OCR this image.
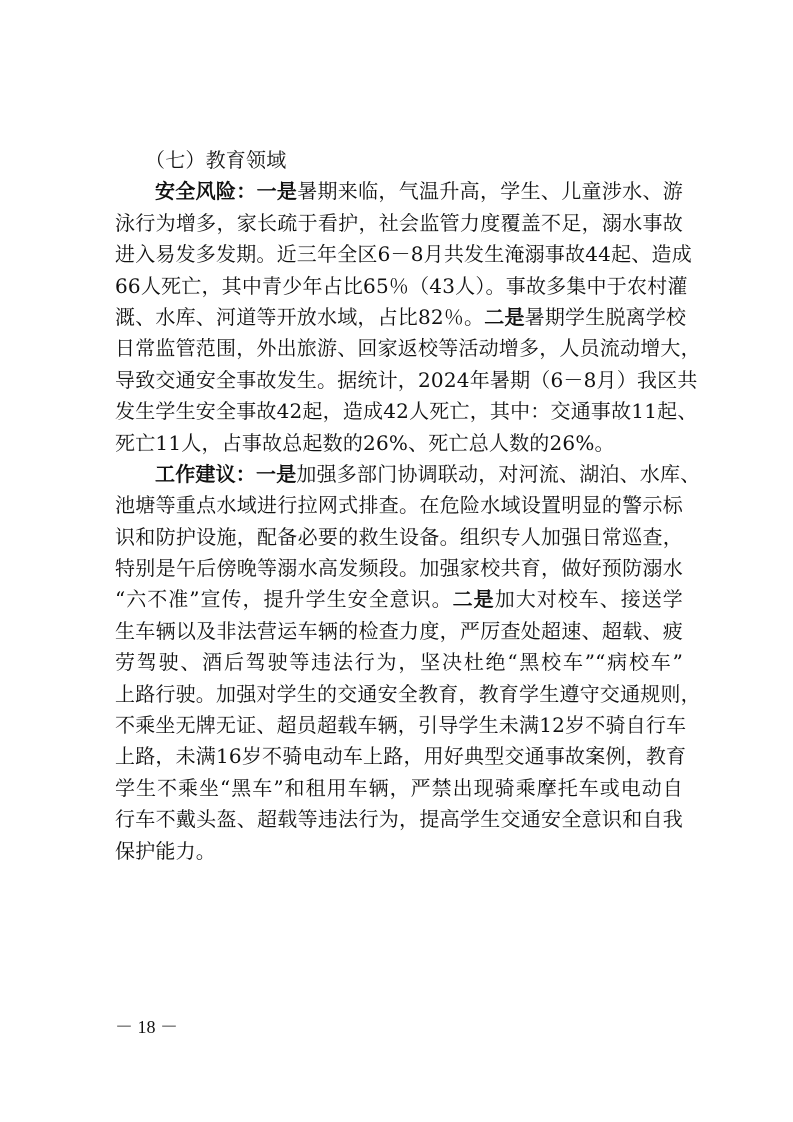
（七）教育领域
安全风险：一是暑期来临，气温升高，学生、儿童涉水、游
泳行为增多，家长疏于看护，社会监管力度覆盖不足，溺水事故
进入易发多发期。近三年全区6－8月共发生淹溺事故44起、造成
66人死亡，其中青少年占比65％（43人）。事故多集中于农村灌
溉、水库、河道等开放水域，占比82％。二是暑期学生脱离学校
日常监管范围，外出旅游、回家返校等活动增多，人员流动增大，
导致交通安全事故发生。据统计，2024年暑期（6－8月）我区共
发生学生安全事故42起，造成42人死亡，其中：交通事故11起、
死亡11人，占事故总起数的26%、死亡总人数的26%。
工作建议：一是加强多部门协调联动，对河流、湖泊、水库、
池塘等重点水域进行拉网式排查。在危险水域设置明显的警示标
识和防护设施，配备必要的救生设备。组织专人加强日常巡查，
特别是午后傍晚等溺水高发频段。加强家校共育，做好预防溺水
“六不准”宣传，提升学生安全意识。二是加大对校车、接送学
生车辆以及非法营运车辆的检查力度，严厉查处超速、超载、疲
劳驾驶、酒后驾驶等违法行为，坚决杜绝“黑校车”“病校车”
上路行驶。加强对学生的交通安全教育，教育学生遵守交通规则，
不乘坐无牌无证、超员超载车辆，引导学生未满12岁不骑自行车
上路，未满16岁不骑电动车上路，用好典型交通事故案例，教育
学生不乘坐“黑车”和租用车辆，严禁出现骑乘摩托车或电动自
行车不戴头盔、超载等违法行为，提高学生交通安全意识和自我
保护能力。
－ 18 －
